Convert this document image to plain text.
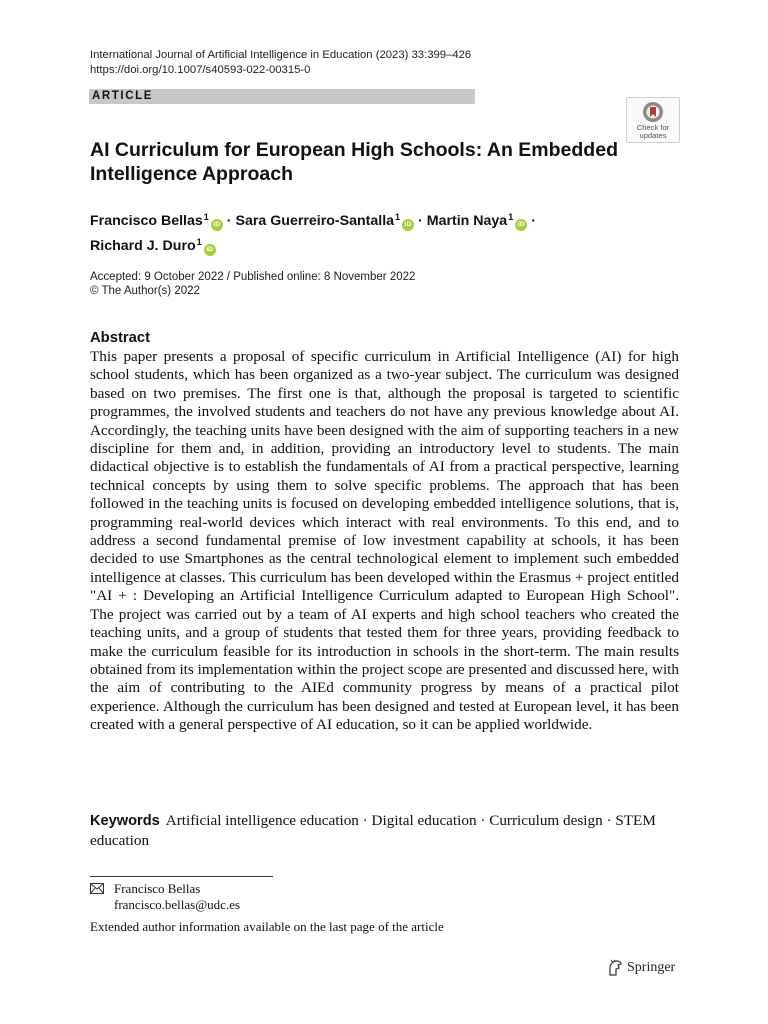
International Journal of Artificial Intelligence in Education (2023) 33:399–426
https://doi.org/10.1007/s40593-022-00315-0
ARTICLE
Check for
updates
AI Curriculum for European High Schools: An Embedded Intelligence Approach
Francisco Bellas$^1$iD · Sara Guerreiro-Santalla$^1$iD · Martin Naya$^1$iD ·
Richard J. Duro$^1$iD
Accepted: 9 October 2022 / Published online: 8 November 2022
© The Author(s) 2022
Abstract
This paper presents a proposal of specific curriculum in Artificial Intelligence (AI) for high school students, which has been organized as a two-year subject. The curriculum was designed based on two premises. The first one is that, although the proposal is targeted to scientific programmes, the involved students and teachers do not have any previous knowledge about AI. Accordingly, the teaching units have been designed with the aim of supporting teachers in a new discipline for them and, in addition, providing an introductory level to students. The main didactical objective is to establish the fundamentals of AI from a practical perspective, learning technical concepts by using them to solve specific problems. The approach that has been followed in the teaching units is focused on developing embedded intelligence solutions, that is, programming real-world devices which interact with real environments. To this end, and to address a second fundamental premise of low investment capability at schools, it has been decided to use Smartphones as the central technological element to implement such embedded intelligence at classes. This curriculum has been developed within the Erasmus + project entitled "AI + : Developing an Artificial Intelligence Curriculum adapted to European High School". The project was carried out by a team of AI experts and high school teachers who created the teaching units, and a group of students that tested them for three years, providing feedback to make the curriculum feasible for its introduction in schools in the short-term. The main results obtained from its implementation within the project scope are presented and discussed here, with the aim of contributing to the AIEd community progress by means of a practical pilot experience. Although the curriculum has been designed and tested at European level, it has been created with a general perspective of AI education, so it can be applied worldwide.
Keywords Artificial intelligence education · Digital education · Curriculum design · STEM education
Francisco Bellas
francisco.bellas@udc.es
Extended author information available on the last page of the article
Springer
